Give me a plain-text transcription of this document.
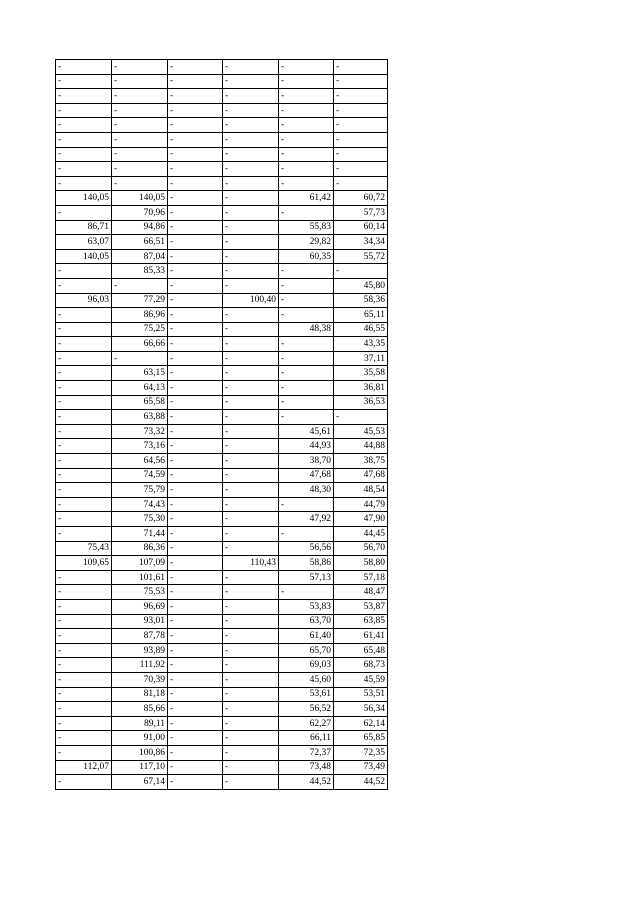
-	-	-	-	-	-
-	-	-	-	-	-
-	-	-	-	-	-
-	-	-	-	-	-
-	-	-	-	-	-
-	-	-	-	-	-
-	-	-	-	-	-
-	-	-	-	-	-
-	-	-	-	-	-
140,05	140,05	-	-	61,42	60,72
-	70,96	-	-	-	57,73
86,71	94,86	-	-	55,83	60,14
63,07	66,51	-	-	29,82	34,34
140,05	87,04	-	-	60,35	55,72
-	85,33	-	-	-	-
-	-	-	-	-	45,80
96,03	77,29	-	100,40	-	58,36
-	86,96	-	-	-	65,11
-	75,25	-	-	48,38	46,55
-	66,66	-	-	-	43,35
-	-	-	-	-	37,11
-	63,15	-	-	-	35,58
-	64,13	-	-	-	36,81
-	65,58	-	-	-	36,53
-	63,88	-	-	-	-
-	73,32	-	-	45,61	45,53
-	73,16	-	-	44,93	44,88
-	64,56	-	-	38,70	38,75
-	74,59	-	-	47,68	47,68
-	75,79	-	-	48,30	48,54
-	74,43	-	-	-	44,79
-	75,30	-	-	47,92	47,90
-	71,44	-	-	-	44,45
75,43	86,36	-	-	56,56	56,70
109,65	107,09	-	110,43	58,86	58,80
-	101,61	-	-	57,13	57,18
-	75,53	-	-	-	48,47
-	96,69	-	-	53,83	53,87
-	93,01	-	-	63,70	63,85
-	87,78	-	-	61,40	61,41
-	93,89	-	-	65,70	65,48
-	111,92	-	-	69,03	68,73
-	70,39	-	-	45,60	45,59
-	81,18	-	-	53,61	53,51
-	85,66	-	-	56,52	56,34
-	89,11	-	-	62,27	62,14
-	91,00	-	-	66,11	65,85
-	100,86	-	-	72,37	72,35
112,07	117,10	-	-	73,48	73,49
-	67,14	-	-	44,52	44,52
